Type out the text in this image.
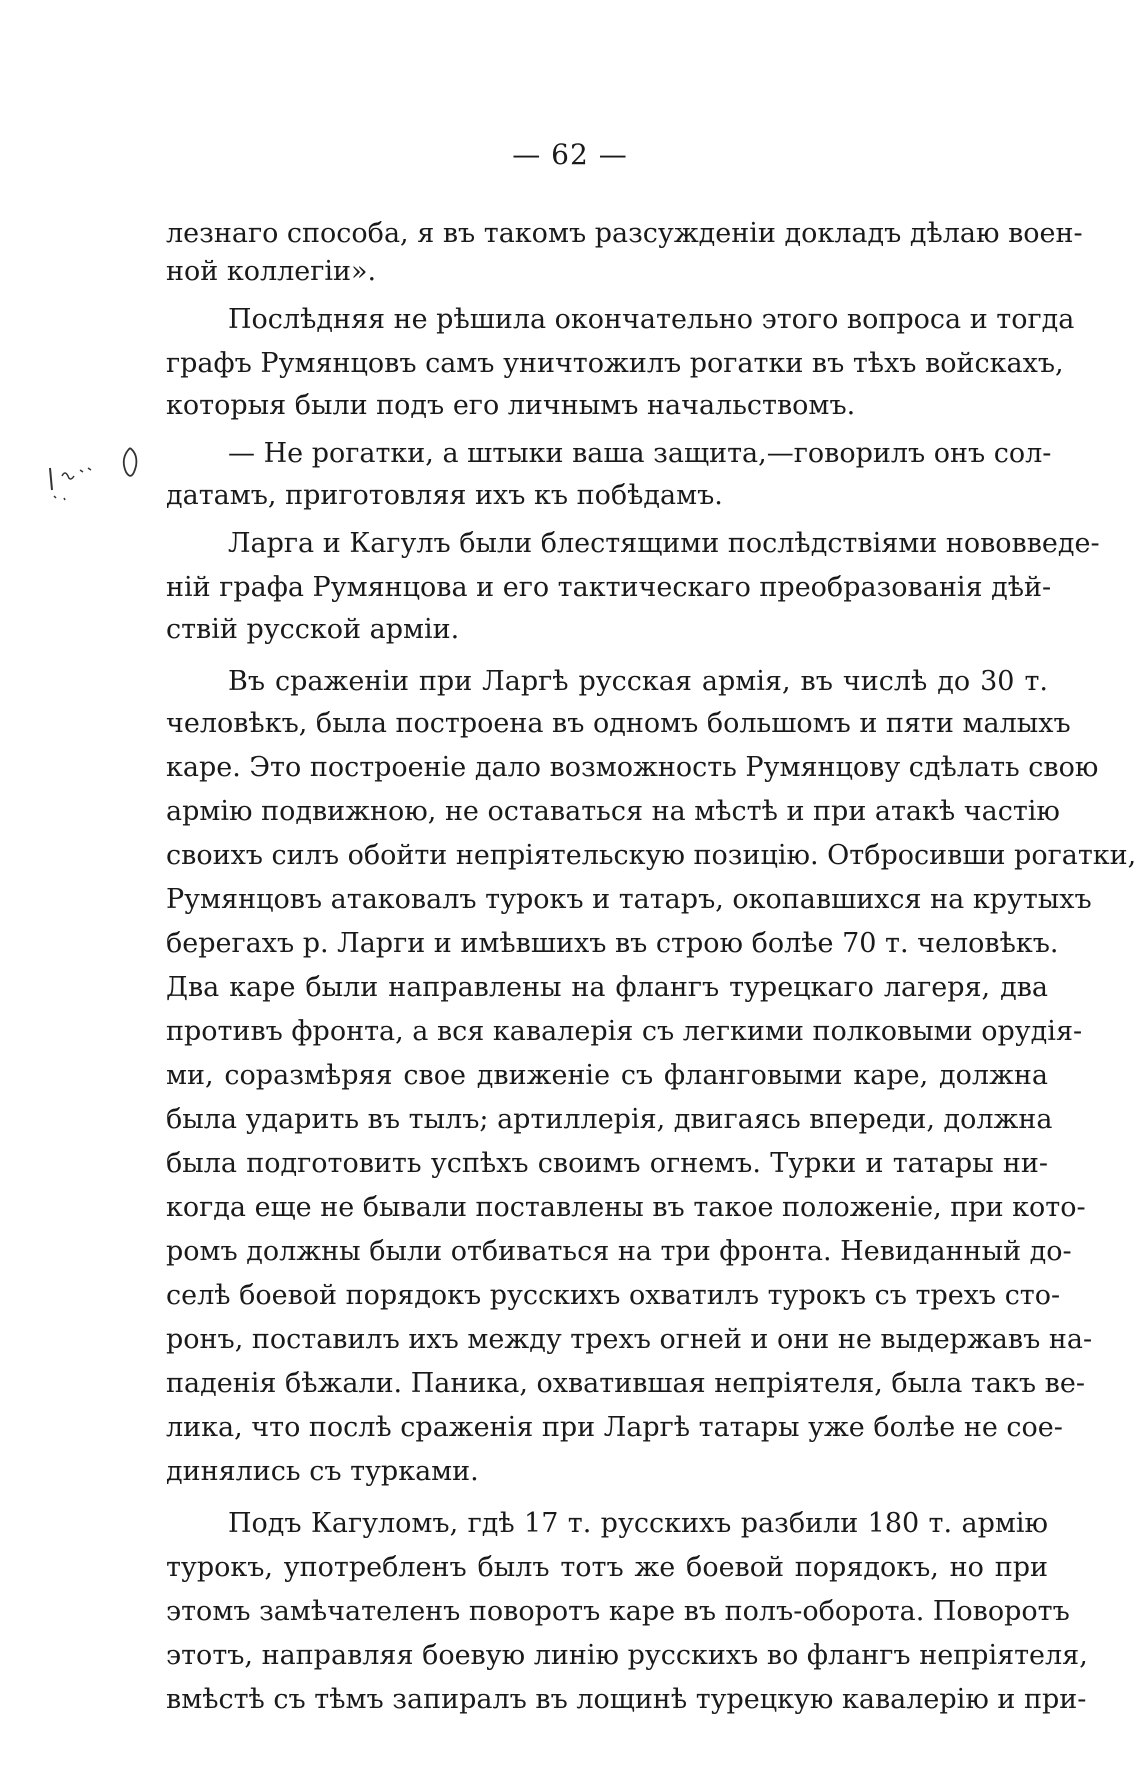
— 62 —
лезнаго способа, я въ такомъ разсужденіи докладъ дѣлаю воен-
ной коллегіи».
Послѣдняя не рѣшила окончательно этого вопроса и тогда
графъ Румянцовъ самъ уничтожилъ рогатки въ тѣхъ войскахъ,
которыя были подъ его личнымъ начальствомъ.
— Не рогатки, а штыки ваша защита,—говорилъ онъ сол-
датамъ, приготовляя ихъ къ побѣдамъ.
Ларга и Кагулъ были блестящими послѣдствіями нововведе-
ній графа Румянцова и его тактическаго преобразованія дѣй-
ствій русской арміи.
Въ сраженіи при Ларгѣ русская армія, въ числѣ до 30 т.
человѣкъ, была построена въ одномъ большомъ и пяти малыхъ
каре. Это построеніе дало возможность Румянцову сдѣлать свою
армію подвижною, не оставаться на мѣстѣ и при атакѣ частію
своихъ силъ обойти непріятельскую позицію. Отбросивши рогатки,
Румянцовъ атаковалъ турокъ и татаръ, окопавшихся на крутыхъ
берегахъ р. Ларги и имѣвшихъ въ строю болѣе 70 т. человѣкъ.
Два каре были направлены на флангъ турецкаго лагеря, два
противъ фронта, а вся кавалерія съ легкими полковыми орудія-
ми, соразмѣряя свое движеніе съ фланговыми каре, должна
была ударить въ тылъ; артиллерія, двигаясь впереди, должна
была подготовить успѣхъ своимъ огнемъ. Турки и татары ни-
когда еще не бывали поставлены въ такое положеніе, при кото-
ромъ должны были отбиваться на три фронта. Невиданный до-
селѣ боевой порядокъ русскихъ охватилъ турокъ съ трехъ сто-
ронъ, поставилъ ихъ между трехъ огней и они не выдержавъ на-
паденія бѣжали. Паника, охватившая непріятеля, была такъ ве-
лика, что послѣ сраженія при Ларгѣ татары уже болѣе не сое-
динялись съ турками.
Подъ Кагуломъ, гдѣ 17 т. русскихъ разбили 180 т. армію
турокъ, употребленъ былъ тотъ же боевой порядокъ, но при
этомъ замѣчателенъ поворотъ каре въ полъ-оборота. Поворотъ
этотъ, направляя боевую линію русскихъ во флангъ непріятеля,
вмѣстѣ съ тѣмъ запиралъ въ лощинѣ турецкую кавалерію и при-
